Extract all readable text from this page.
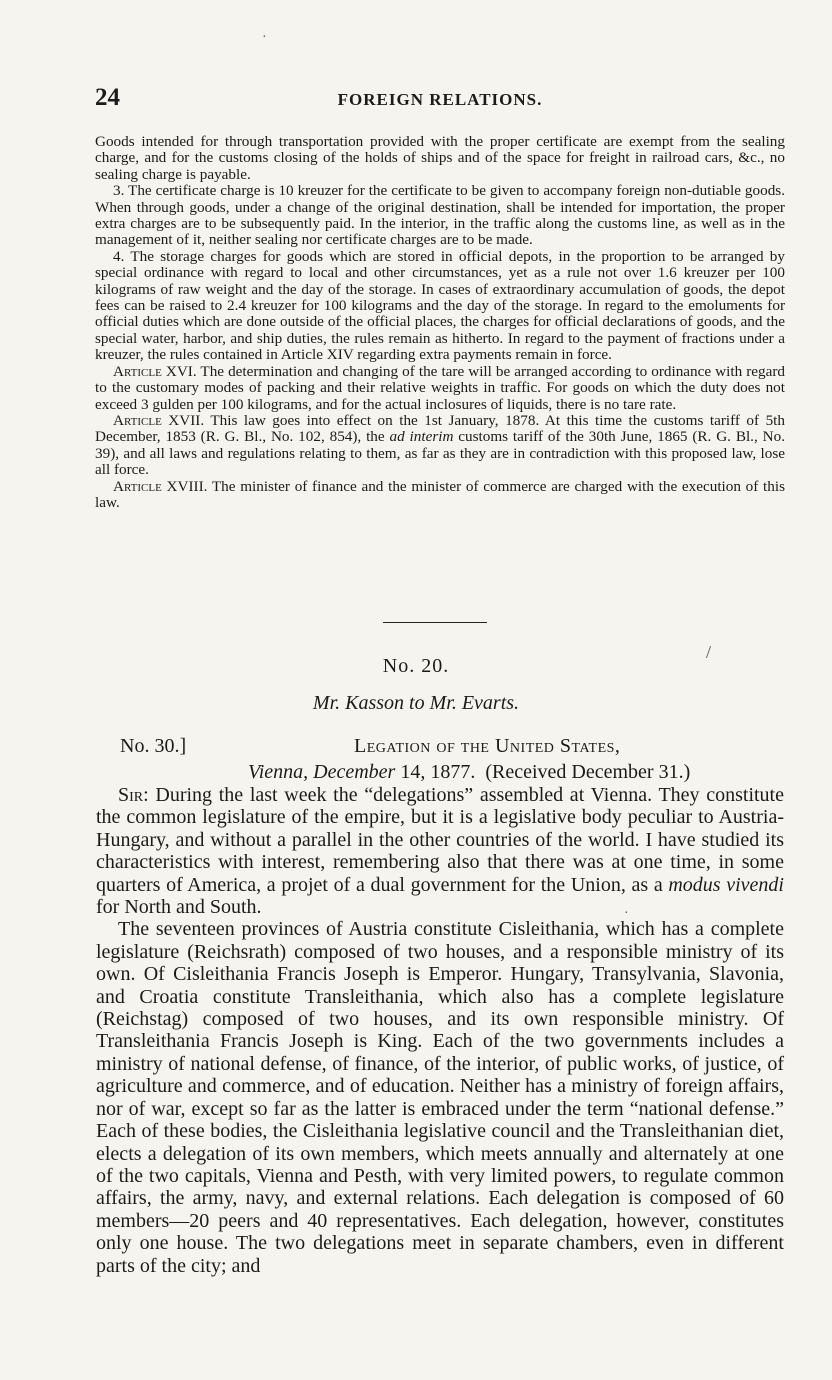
24	FOREIGN RELATIONS.

Goods intended for through transportation provided with the proper certificate are exempt from the sealing charge, and for the customs closing of the holds of ships and of the space for freight in railroad cars, &c., no sealing charge is payable.

3. The certificate charge is 10 kreuzer for the certificate to be given to accompany foreign non-dutiable goods. When through goods, under a change of the original destination, shall be intended for importation, the proper extra charges are to be subsequently paid. In the interior, in the traffic along the customs line, as well as in the management of it, neither sealing nor certificate charges are to be made.

4. The storage charges for goods which are stored in official depots, in the proportion to be arranged by special ordinance with regard to local and other circumstances, yet as a rule not over 1.6 kreuzer per 100 kilograms of raw weight and the day of the storage. In cases of extraordinary accumulation of goods, the depot fees can be raised to 2.4 kreuzer for 100 kilograms and the day of the storage. In regard to the emoluments for official duties which are done outside of the official places, the charges for official declarations of goods, and the special water, harbor, and ship duties, the rules remain as hitherto. In regard to the payment of fractions under a kreuzer, the rules contained in Article XIV regarding extra payments remain in force.

Article XVI. The determination and changing of the tare will be arranged according to ordinance with regard to the customary modes of packing and their relative weights in traffic. For goods on which the duty does not exceed 3 gulden per 100 kilograms, and for the actual inclosures of liquids, there is no tare rate.

Article XVII. This law goes into effect on the 1st January, 1878. At this time the customs tariff of 5th December, 1853 (R. G. Bl., No. 102, 854), the ad interim customs tariff of the 30th June, 1865 (R. G. Bl., No. 39), and all laws and regulations relating to them, as far as they are in contradiction with this proposed law, lose all force.

Article XVIII. The minister of finance and the minister of commerce are charged with the execution of this law.

No. 20.
Mr. Kasson to Mr. Evarts.
No. 30.]	Legation of the United States,
Vienna, December 14, 1877. (Received December 31.)

Sir: During the last week the “delegations” assembled at Vienna. They constitute the common legislature of the empire, but it is a legislative body peculiar to Austria-Hungary, and without a parallel in the other countries of the world. I have studied its characteristics with interest, remembering also that there was at one time, in some quarters of America, a projet of a dual government for the Union, as a modus vivendi for North and South.

The seventeen provinces of Austria constitute Cisleithania, which has a complete legislature (Reichsrath) composed of two houses, and a responsible ministry of its own. Of Cisleithania Francis Joseph is Emperor. Hungary, Transylvania, Slavonia, and Croatia constitute Transleithania, which also has a complete legislature (Reichstag) composed of two houses, and its own responsible ministry. Of Transleithania Francis Joseph is King. Each of the two governments includes a ministry of national defense, of finance, of the interior, of public works, of justice, of agriculture and commerce, and of education. Neither has a ministry of foreign affairs, nor of war, except so far as the latter is embraced under the term “national defense.” Each of these bodies, the Cisleithania legislative council and the Transleithanian diet, elects a delegation of its own members, which meets annually and alternately at one of the two capitals, Vienna and Pesth, with very limited powers, to regulate common affairs, the army, navy, and external relations. Each delegation is composed of 60 members—20 peers and 40 representatives. Each delegation, however, constitutes only one house. The two delegations meet in separate chambers, even in different parts of the city; and

·
/
·
